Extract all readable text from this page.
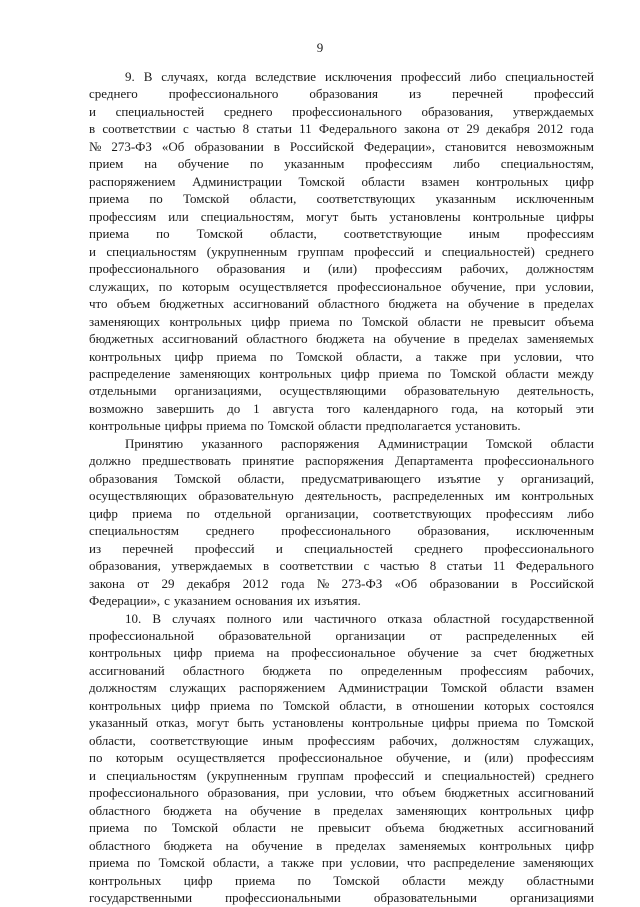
9
9. В случаях, когда вследствие исключения профессий либо специальностей
среднего профессионального образования из перечней профессий
и специальностей среднего профессионального образования, утверждаемых
в соответствии с частью 8 статьи 11 Федерального закона от 29 декабря 2012 года
№ 273-ФЗ «Об образовании в Российской Федерации», становится невозможным
прием на обучение по указанным профессиям либо специальностям,
распоряжением Администрации Томской области взамен контрольных цифр
приема по Томской области, соответствующих указанным исключенным
профессиям или специальностям, могут быть установлены контрольные цифры
приема по Томской области, соответствующие иным профессиям
и специальностям (укрупненным группам профессий и специальностей) среднего
профессионального образования и (или) профессиям рабочих, должностям
служащих, по которым осуществляется профессиональное обучение, при условии,
что объем бюджетных ассигнований областного бюджета на обучение в пределах
заменяющих контрольных цифр приема по Томской области не превысит объема
бюджетных ассигнований областного бюджета на обучение в пределах заменяемых
контрольных цифр приема по Томской области, а также при условии, что
распределение заменяющих контрольных цифр приема по Томской области между
отдельными организациями, осуществляющими образовательную деятельность,
возможно завершить до 1 августа того календарного года, на который эти
контрольные цифры приема по Томской области предполагается установить.
Принятию указанного распоряжения Администрации Томской области
должно предшествовать принятие распоряжения Департамента профессионального
образования Томской области, предусматривающего изъятие у организаций,
осуществляющих образовательную деятельность, распределенных им контрольных
цифр приема по отдельной организации, соответствующих профессиям либо
специальностям среднего профессионального образования, исключенным
из перечней профессий и специальностей среднего профессионального
образования, утверждаемых в соответствии с частью 8 статьи 11 Федерального
закона от 29 декабря 2012 года № 273-ФЗ «Об образовании в Российской
Федерации», с указанием основания их изъятия.
10. В случаях полного или частичного отказа областной государственной
профессиональной образовательной организации от распределенных ей
контрольных цифр приема на профессиональное обучение за счет бюджетных
ассигнований областного бюджета по определенным профессиям рабочих,
должностям служащих распоряжением Администрации Томской области взамен
контрольных цифр приема по Томской области, в отношении которых состоялся
указанный отказ, могут быть установлены контрольные цифры приема по Томской
области, соответствующие иным профессиям рабочих, должностям служащих,
по которым осуществляется профессиональное обучение, и (или) профессиям
и специальностям (укрупненным группам профессий и специальностей) среднего
профессионального образования, при условии, что объем бюджетных ассигнований
областного бюджета на обучение в пределах заменяющих контрольных цифр
приема по Томской области не превысит объема бюджетных ассигнований
областного бюджета на обучение в пределах заменяемых контрольных цифр
приема по Томской области, а также при условии, что распределение заменяющих
контрольных цифр приема по Томской области между областными
государственными	профессиональными	образовательными	организациями
